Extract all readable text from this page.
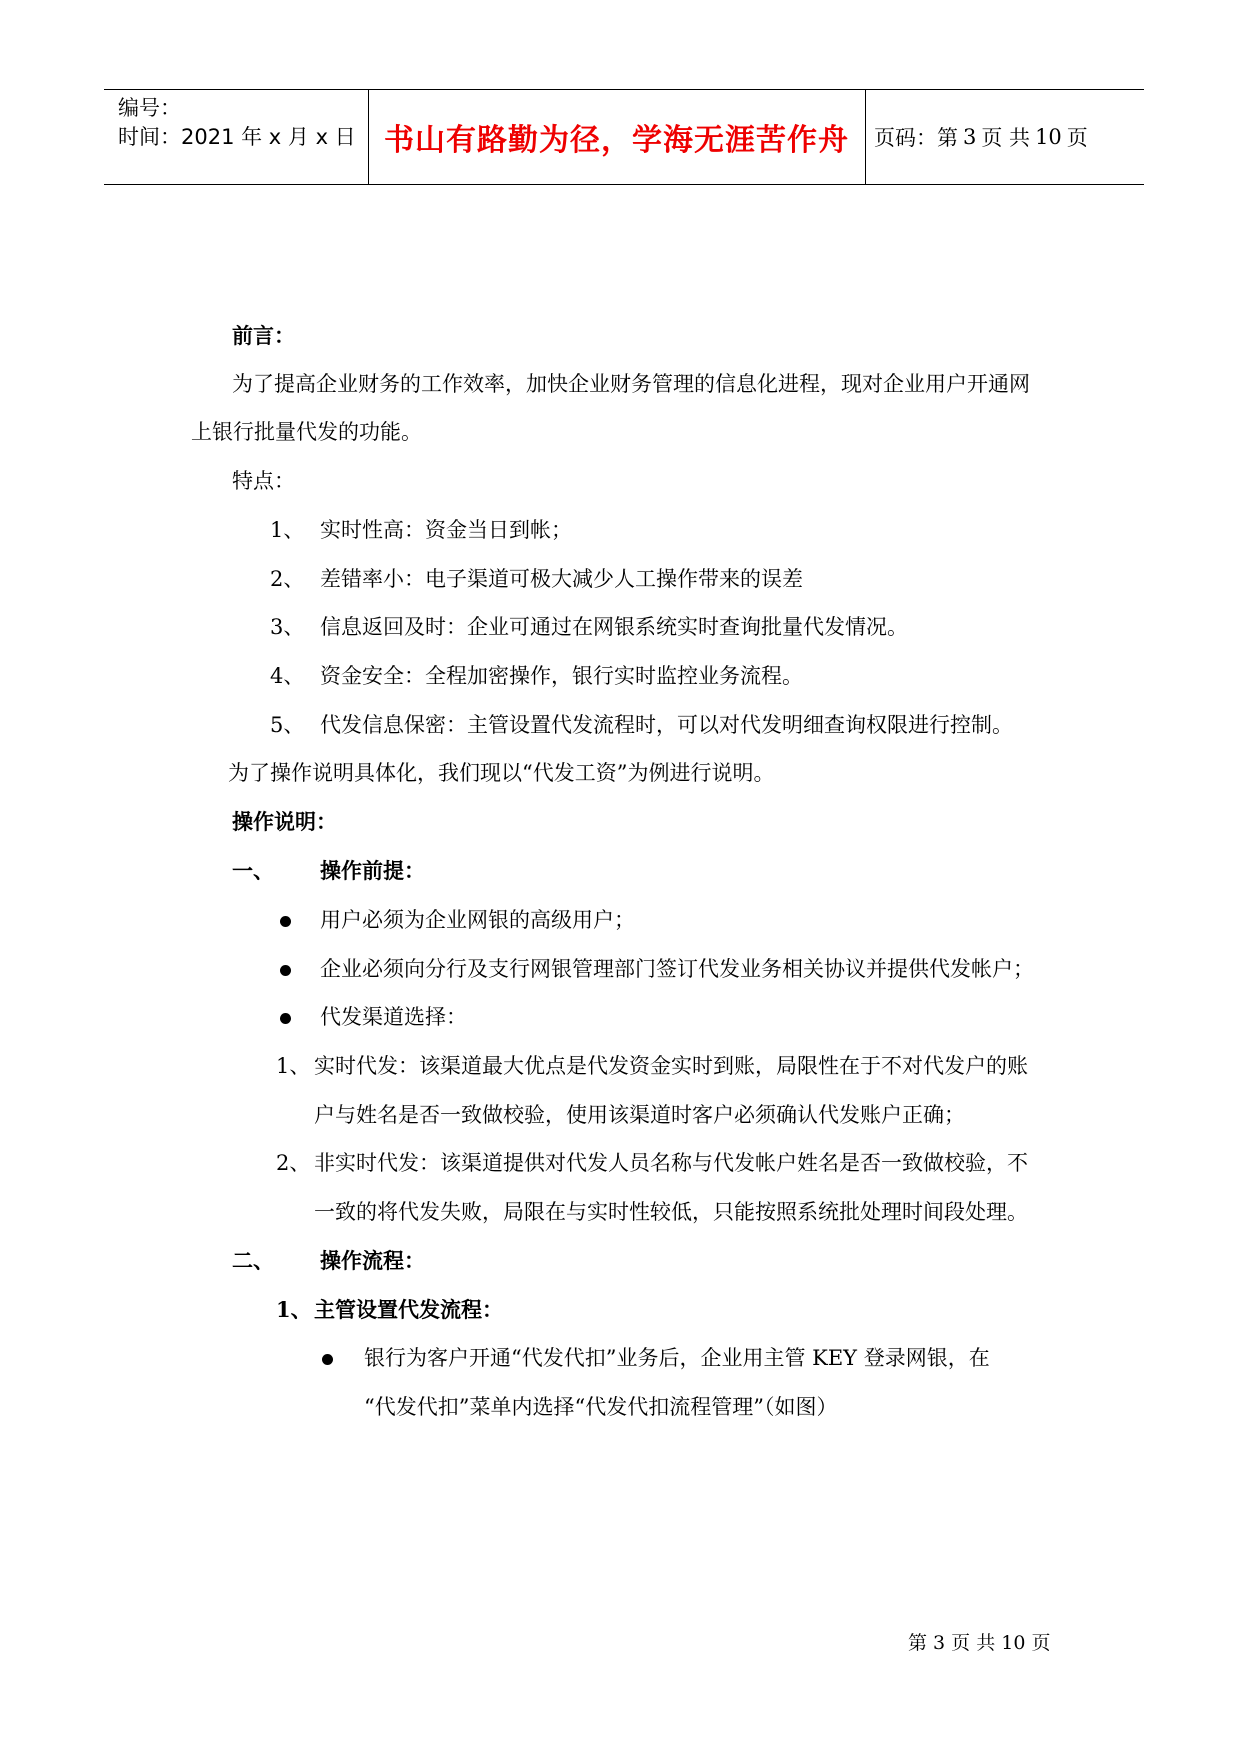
编号：
时间：2021 年 x 月 x 日 书山有路勤为径，学海无涯苦作舟	页码：第 3 页 共 10 页
前言：
为了提高企业财务的工作效率，加快企业财务管理的信息化进程，现对企业用户开通网
上银行批量代发的功能。
特点：
1、 实时性高：资金当日到帐；
2、 差错率小：电子渠道可极大减少人工操作带来的误差
3、 信息返回及时：企业可通过在网银系统实时查询批量代发情况。
4、 资金安全：全程加密操作，银行实时监控业务流程。
5、 代发信息保密：主管设置代发流程时，可以对代发明细查询权限进行控制。
为了操作说明具体化，我们现以“代发工资”为例进行说明。
操作说明：
一、 操作前提：
用户必须为企业网银的高级用户；
企业必须向分行及支行网银管理部门签订代发业务相关协议并提供代发帐户；
代发渠道选择：
1、 实时代发：该渠道最大优点是代发资金实时到账，局限性在于不对代发户的账
户与姓名是否一致做校验，使用该渠道时客户必须确认代发账户正确；
2、 非实时代发：该渠道提供对代发人员名称与代发帐户姓名是否一致做校验，不
一致的将代发失败，局限在与实时性较低，只能按照系统批处理时间段处理。
二、 操作流程：
1、 主管设置代发流程：
银行为客户开通“代发代扣”业务后，企业用主管 KEY 登录网银，在
“代发代扣”菜单内选择“代发代扣流程管理”（如图）
第 3 页 共 10 页
